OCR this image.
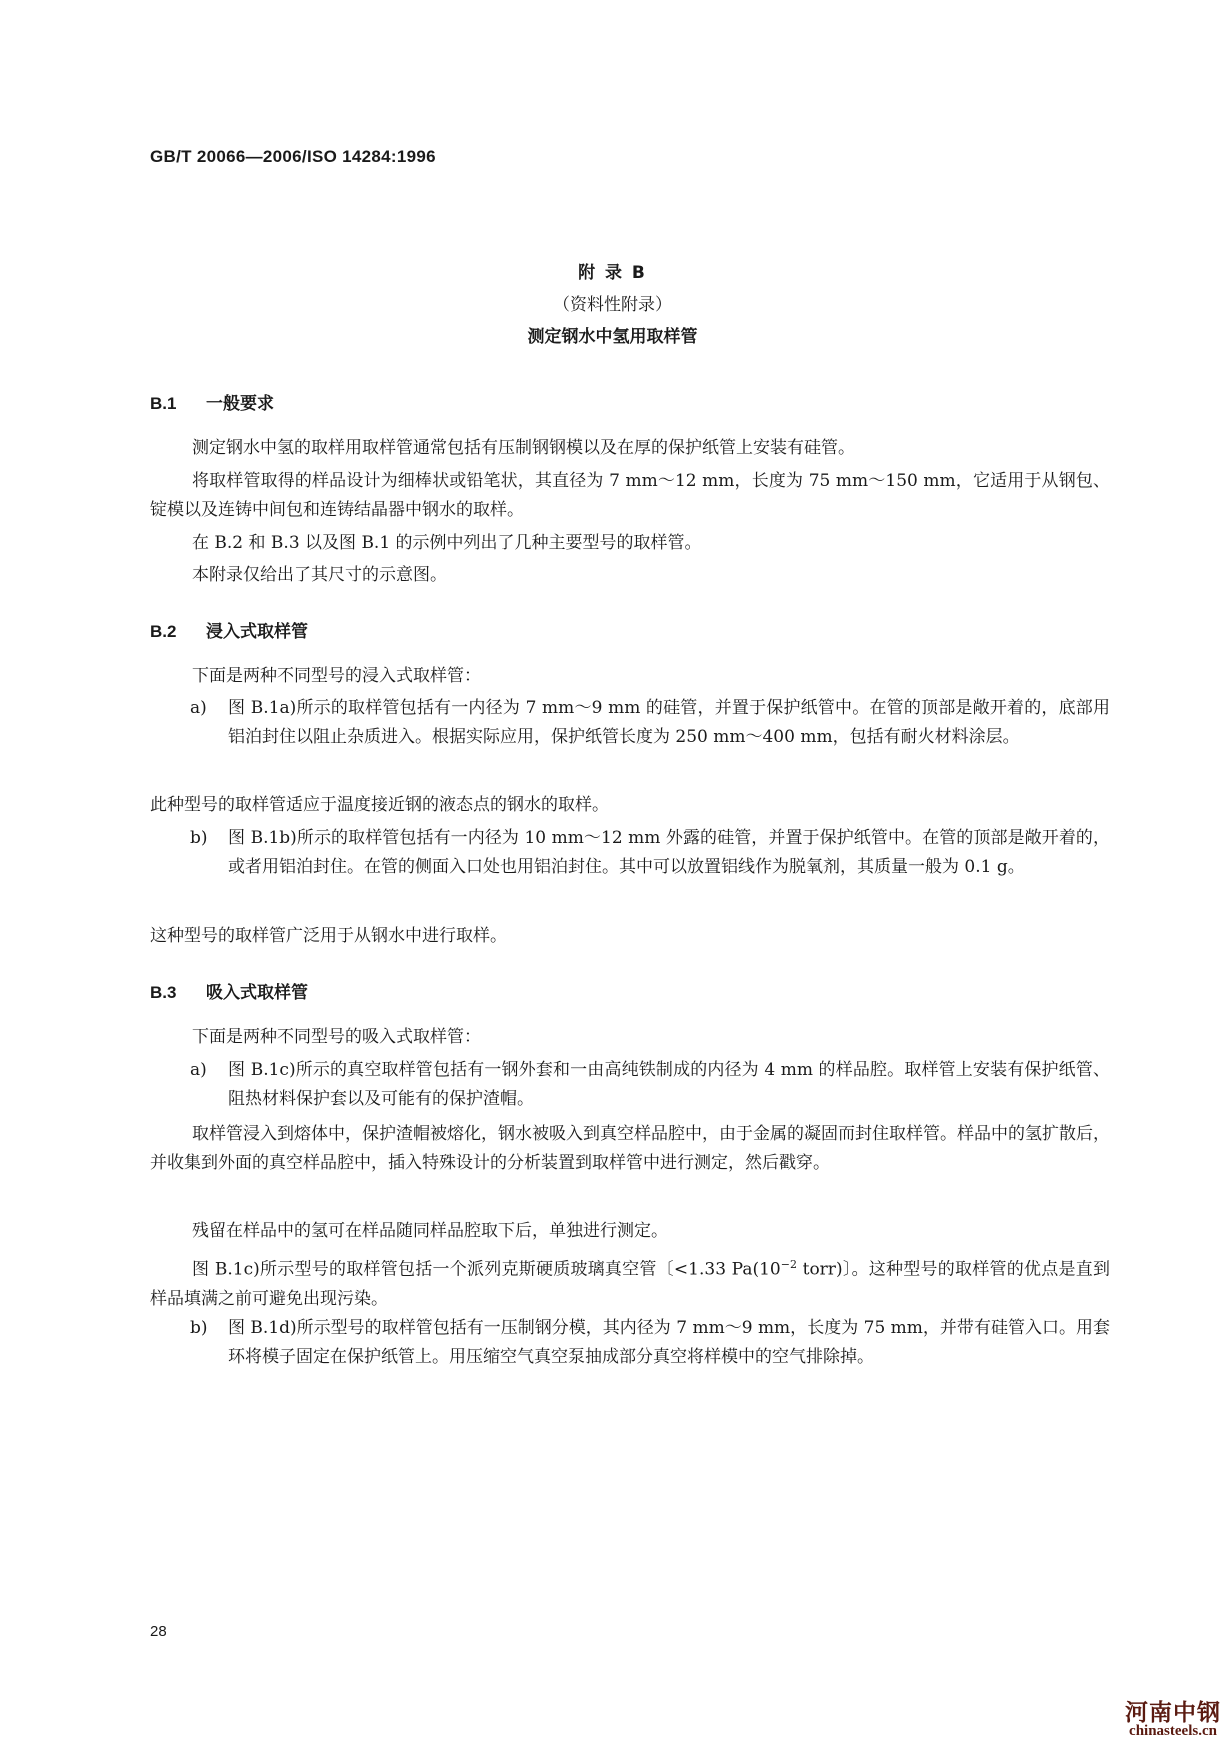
GB/T 20066—2006/ISO 14284:1996
附 录 B
（资料性附录）
测定钢水中氢用取样管
B.1 一般要求
测定钢水中氢的取样用取样管通常包括有压制钢钢模以及在厚的保护纸管上安装有硅管。
将取样管取得的样品设计为细棒状或铅笔状，其直径为 7 mm～12 mm，长度为 75 mm～150 mm，它适用于从钢包、锭模以及连铸中间包和连铸结晶器中钢水的取样。
在 B.2 和 B.3 以及图 B.1 的示例中列出了几种主要型号的取样管。
本附录仅给出了其尺寸的示意图。
B.2 浸入式取样管
下面是两种不同型号的浸入式取样管：
a) 图 B.1a)所示的取样管包括有一内径为 7 mm～9 mm 的硅管，并置于保护纸管中。在管的顶部是敞开着的，底部用铝泊封住以阻止杂质进入。根据实际应用，保护纸管长度为 250 mm～400 mm，包括有耐火材料涂层。
此种型号的取样管适应于温度接近钢的液态点的钢水的取样。
b) 图 B.1b)所示的取样管包括有一内径为 10 mm～12 mm 外露的硅管，并置于保护纸管中。在管的顶部是敞开着的，或者用铝泊封住。在管的侧面入口处也用铝泊封住。其中可以放置铝线作为脱氧剂，其质量一般为 0.1 g。
这种型号的取样管广泛用于从钢水中进行取样。
B.3 吸入式取样管
下面是两种不同型号的吸入式取样管：
a) 图 B.1c)所示的真空取样管包括有一钢外套和一由高纯铁制成的内径为 4 mm 的样品腔。取样管上安装有保护纸管、阻热材料保护套以及可能有的保护渣帽。
取样管浸入到熔体中，保护渣帽被熔化，钢水被吸入到真空样品腔中，由于金属的凝固而封住取样管。样品中的氢扩散后，并收集到外面的真空样品腔中，插入特殊设计的分析装置到取样管中进行测定，然后戳穿。
残留在样品中的氢可在样品随同样品腔取下后，单独进行测定。
图 B.1c)所示型号的取样管包括一个派列克斯硬质玻璃真空管〔<1.33 $Pa(10^{-2}$ torr)〕。这种型号的取样管的优点是直到样品填满之前可避免出现污染。
b) 图 B.1d)所示型号的取样管包括有一压制钢分模，其内径为 7 mm～9 mm，长度为 75 mm，并带有硅管入口。用套环将模子固定在保护纸管上。用压缩空气真空泵抽成部分真空将样模中的空气排除掉。
28
河南中钢
chinasteels.cn
